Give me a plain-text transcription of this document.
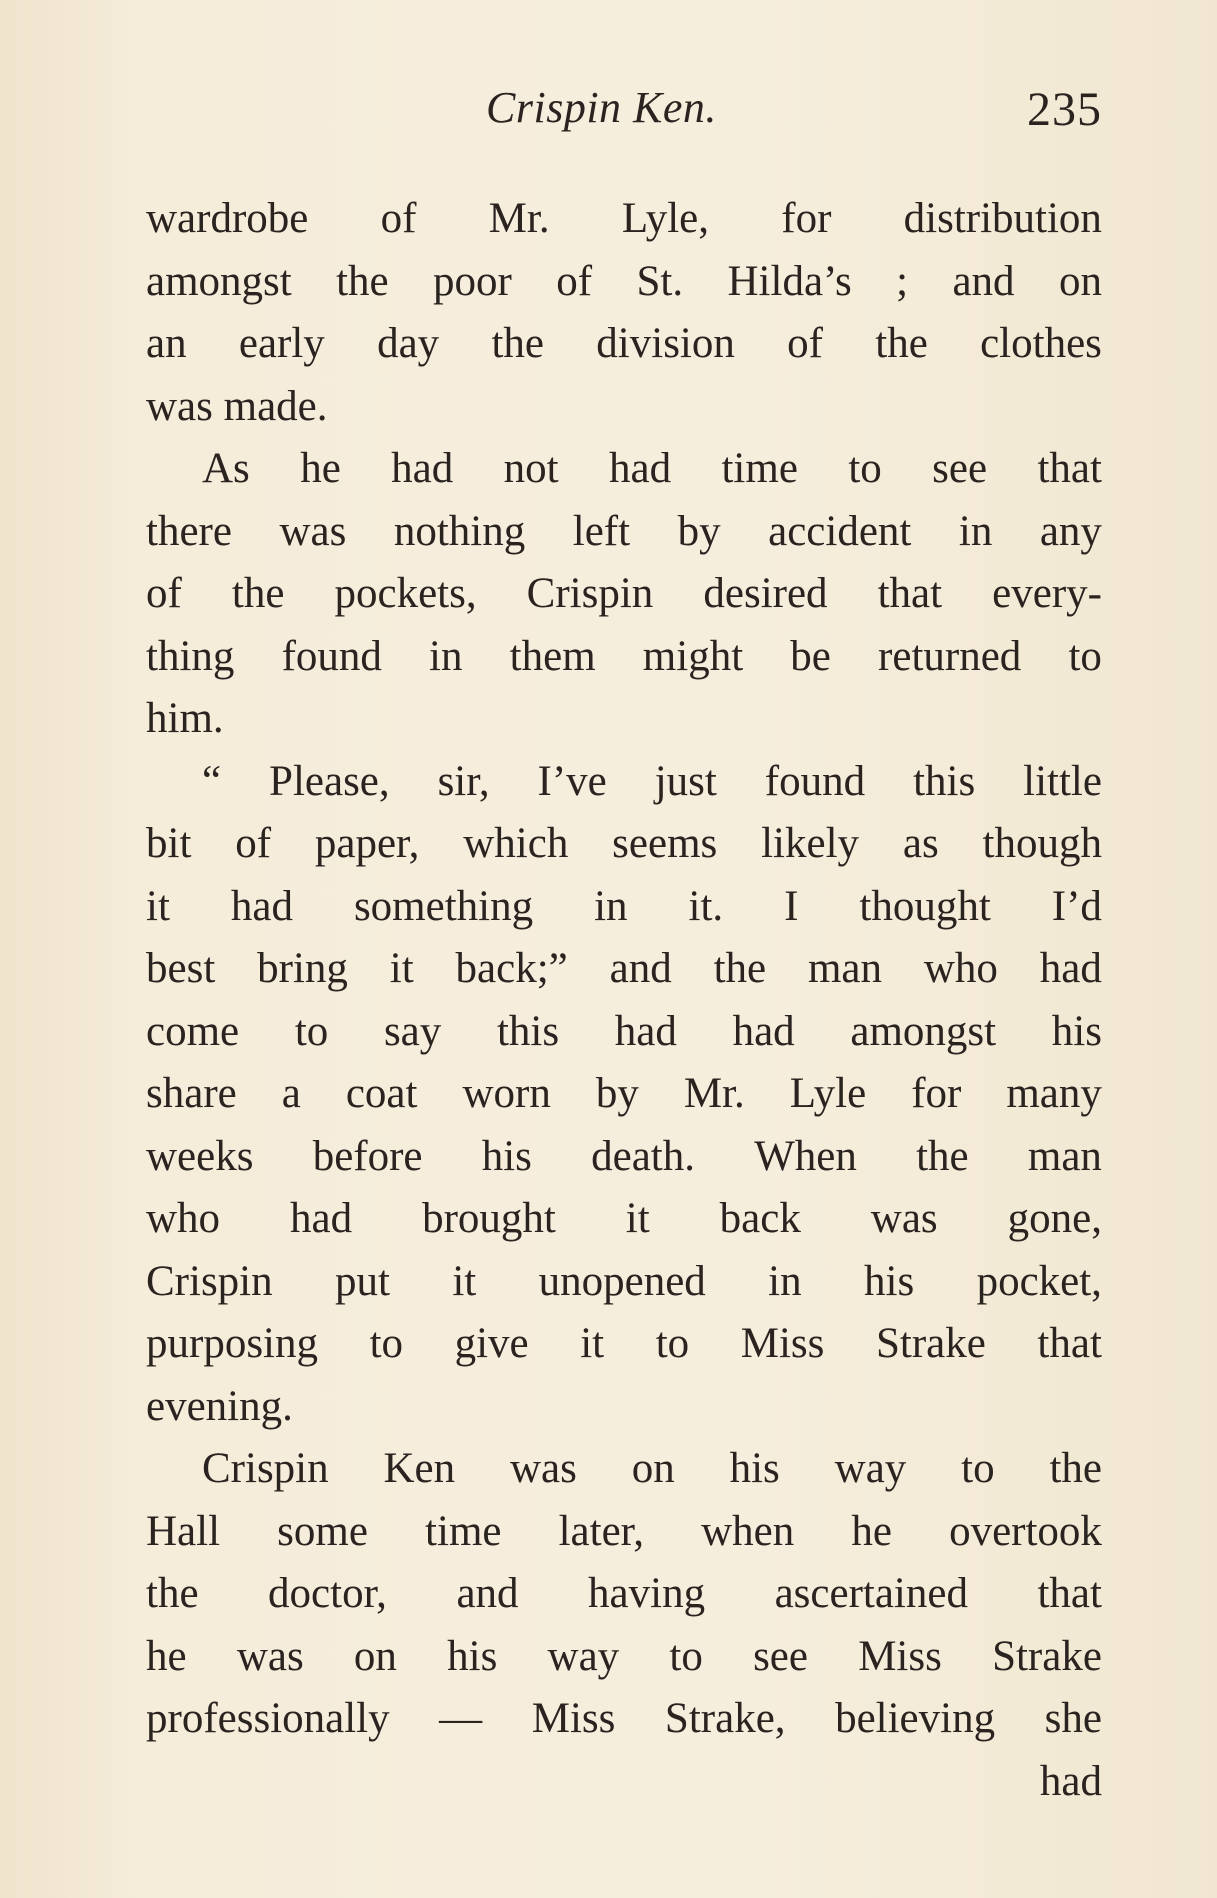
Crispin Ken.	235
wardrobe of Mr. Lyle, for distribution
amongst the poor of St. Hilda’s ; and on
an early day the division of the clothes
was made.
As he had not had time to see that
there was nothing left by accident in any
of the pockets, Crispin desired that every-
thing found in them might be returned to
him.
“ Please, sir, I’ve just found this little
bit of paper, which seems likely as though
it had something in it. I thought I’d
best bring it back;” and the man who had
come to say this had had amongst his
share a coat worn by Mr. Lyle for many
weeks before his death. When the man
who had brought it back was gone,
Crispin put it unopened in his pocket,
purposing to give it to Miss Strake that
evening.
Crispin Ken was on his way to the
Hall some time later, when he overtook
the doctor, and having ascertained that
he was on his way to see Miss Strake
professionally — Miss Strake, believing she
had
